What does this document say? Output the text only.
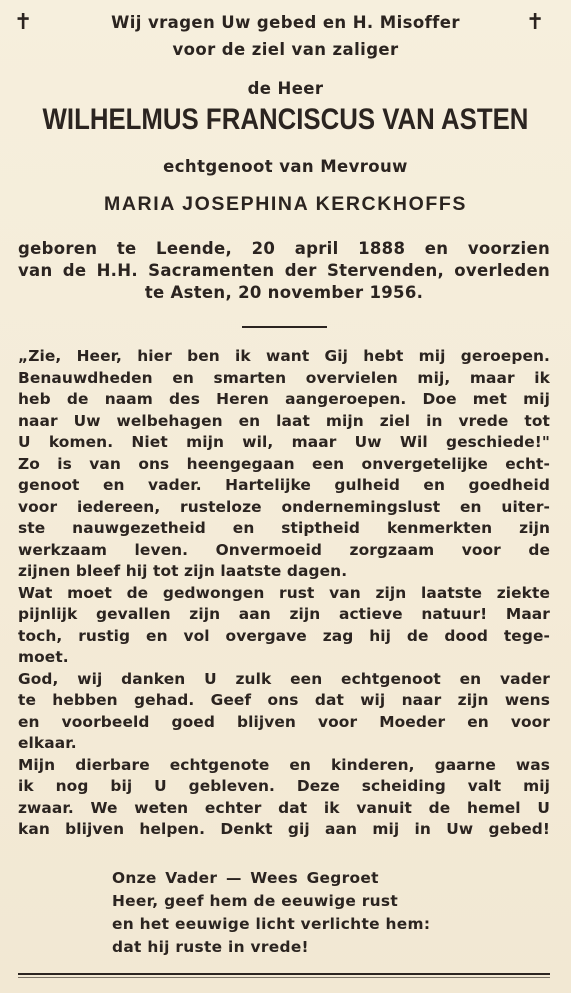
✝	✝
Wij vragen Uw gebed en H. Misoffer
voor de ziel van zaliger
de Heer
WILHELMUS FRANCISCUS VAN ASTEN
echtgenoot van Mevrouw
MARIA JOSEPHINA KERCKHOFFS
geboren te Leende, 20 april 1888 en voorzien
van de H.H. Sacramenten der Stervenden, overleden
te Asten, 20 november 1956.
„Zie, Heer, hier ben ik want Gij hebt mij geroepen.
Benauwdheden en smarten overvielen mij, maar ik
heb de naam des Heren aangeroepen. Doe met mij
naar Uw welbehagen en laat mijn ziel in vrede tot
U komen. Niet mijn wil, maar Uw Wil geschiede!"
Zo is van ons heengegaan een onvergetelijke echt-
genoot en vader. Hartelijke gulheid en goedheid
voor iedereen, rusteloze ondernemingslust en uiter-
ste nauwgezetheid en stiptheid kenmerkten zijn
werkzaam leven. Onvermoeid zorgzaam voor de
zijnen bleef hij tot zijn laatste dagen.
Wat moet de gedwongen rust van zijn laatste ziekte
pijnlijk gevallen zijn aan zijn actieve natuur! Maar
toch, rustig en vol overgave zag hij de dood tege-
moet.
God, wij danken U zulk een echtgenoot en vader
te hebben gehad. Geef ons dat wij naar zijn wens
en voorbeeld goed blijven voor Moeder en voor
elkaar.
Mijn dierbare echtgenote en kinderen, gaarne was
ik nog bij U gebleven. Deze scheiding valt mij
zwaar. We weten echter dat ik vanuit de hemel U
kan blijven helpen. Denkt gij aan mij in Uw gebed!
Onze Vader — Wees Gegroet
Heer, geef hem de eeuwige rust
en het eeuwige licht verlichte hem:
dat hij ruste in vrede!
